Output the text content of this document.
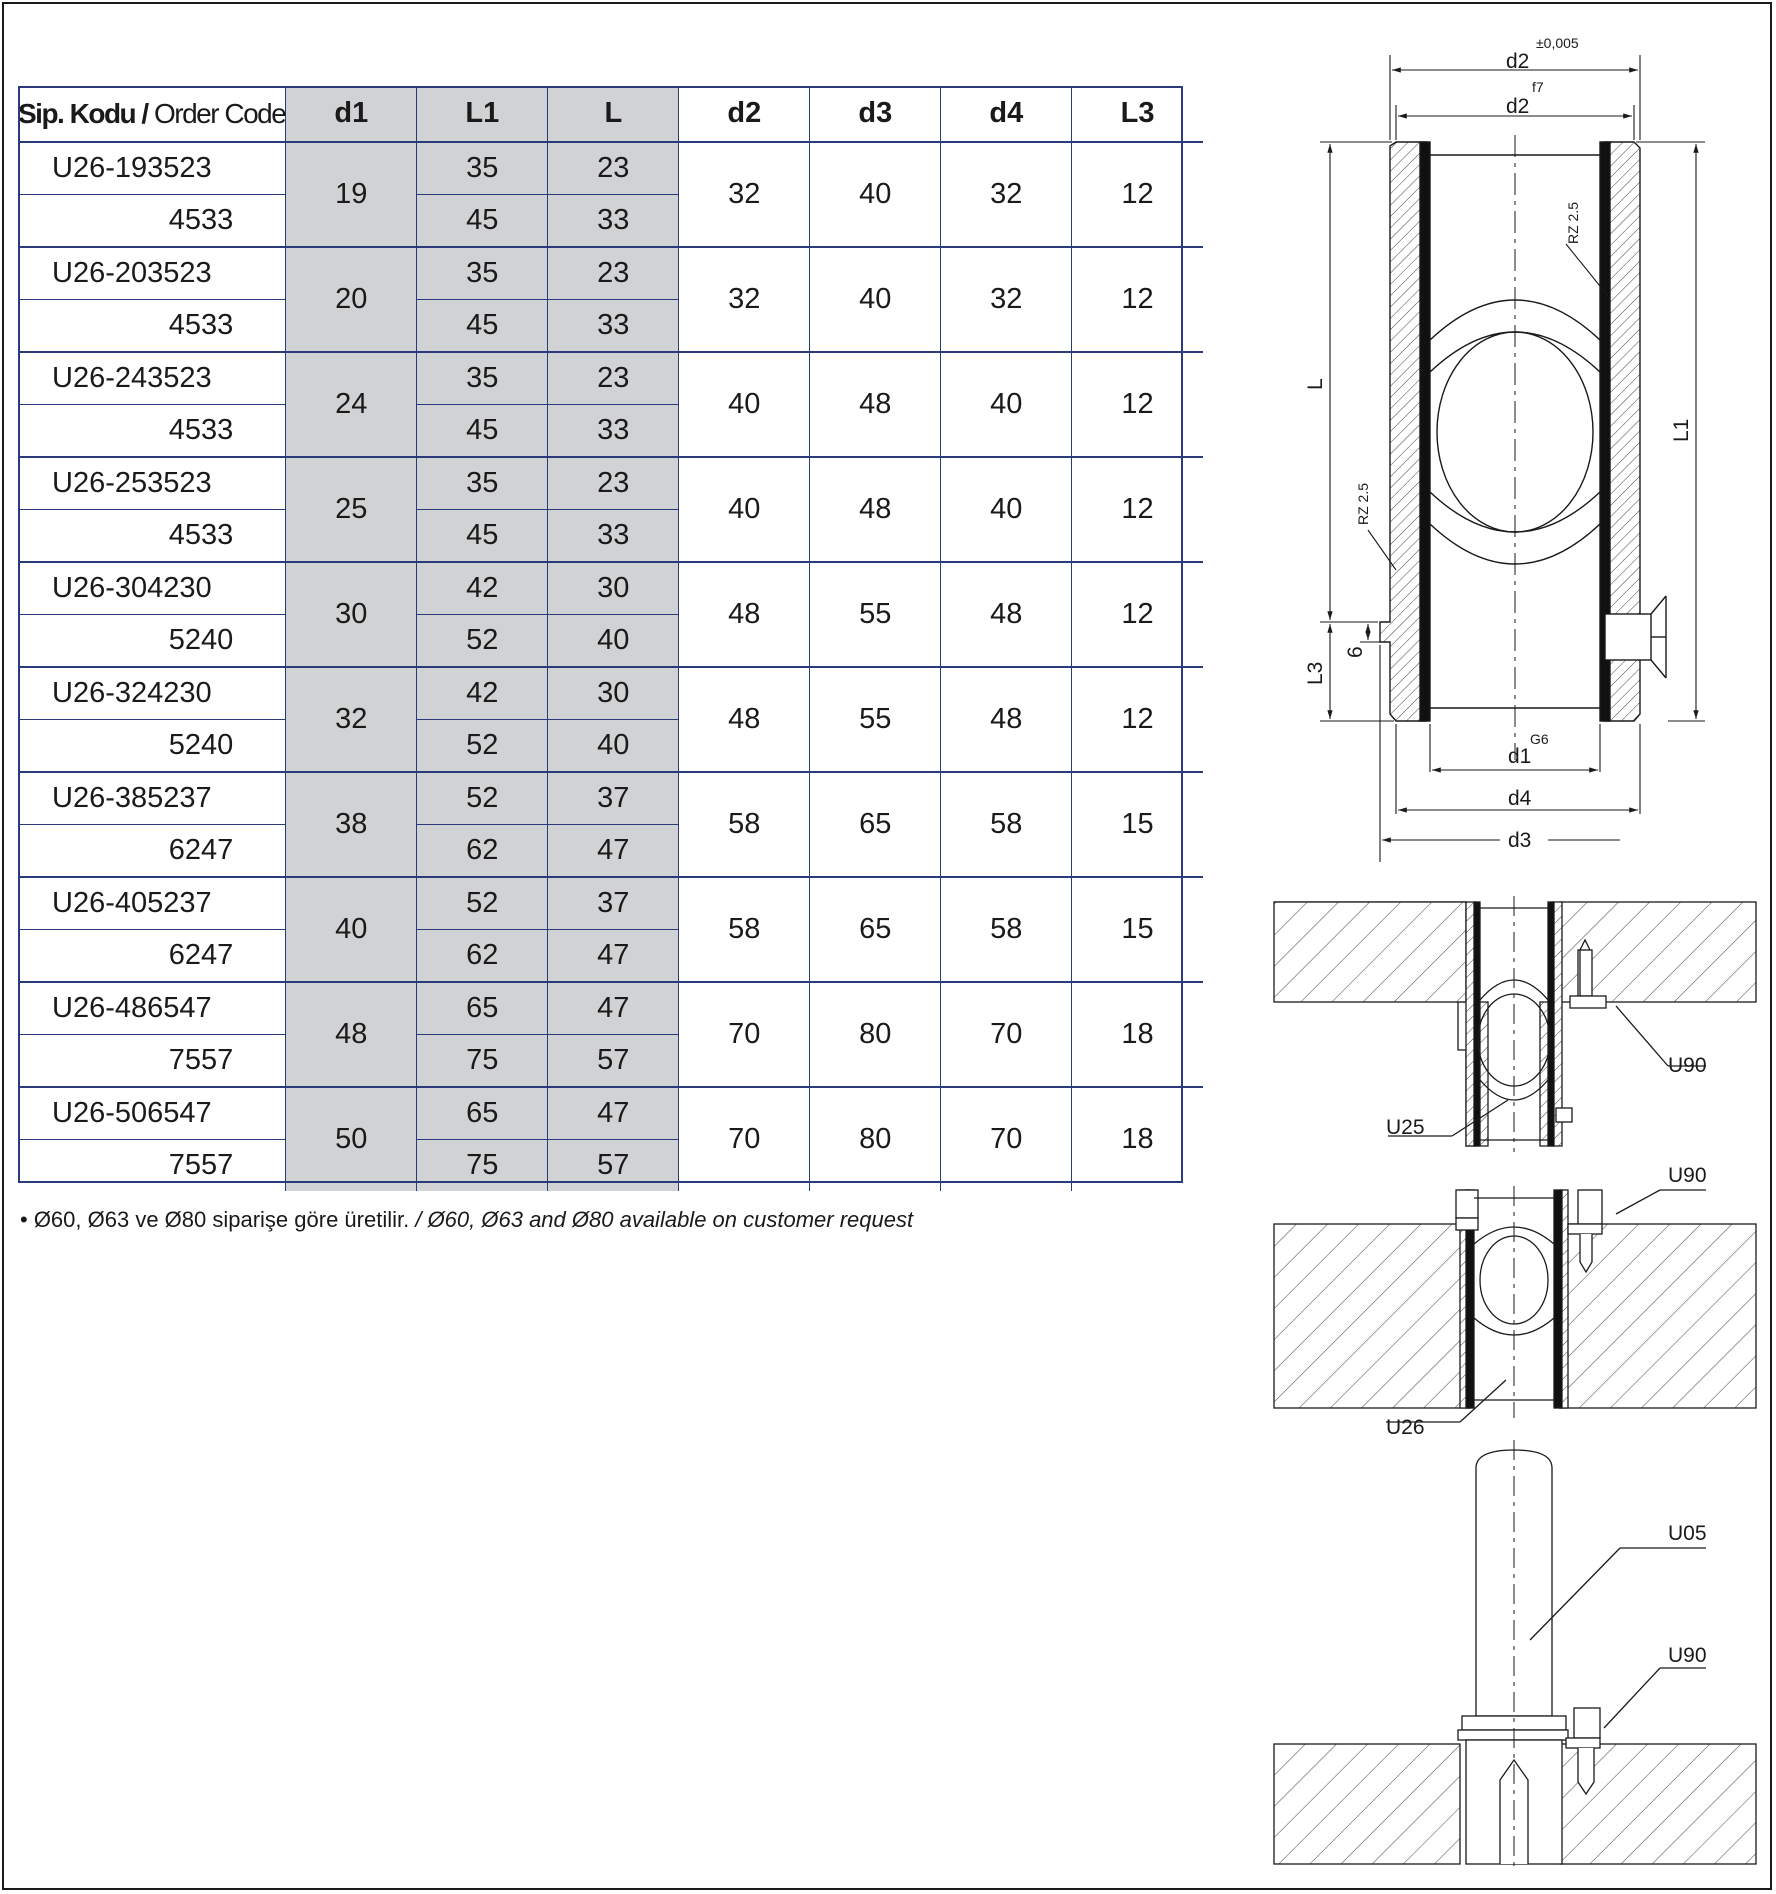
Sip. Kodu / Order Code	d1	L1	L	d2	d3	d4	L3
U26-193523	19	35	23	32	40	32	12
4533		45	33				
U26-203523	20	35	23	32	40	32	12
4533		45	33				
U26-243523	24	35	23	40	48	40	12
4533		45	33				
U26-253523	25	35	23	40	48	40	12
4533		45	33				
U26-304230	30	42	30	48	55	48	12
5240		52	40				
U26-324230	32	42	30	48	55	48	12
5240		52	40				
U26-385237	38	52	37	58	65	58	15
6247		62	47				
U26-405237	40	52	37	58	65	58	15
6247		62	47				
U26-486547	48	65	47	70	80	70	18
7557		75	57				
U26-506547	50	65	47	70	80	70	18
7557		75	57				
• Ø60, Ø63 ve Ø80 siparişe göre üretilir. / Ø60, Ø63 and Ø80 available on customer request
d2
±0,005
d2
f7
L
L1
L3
6
RZ 2.5
RZ 2.5
d1
G6
d4
d3
U90
U25
U90
U26
U05
U90
